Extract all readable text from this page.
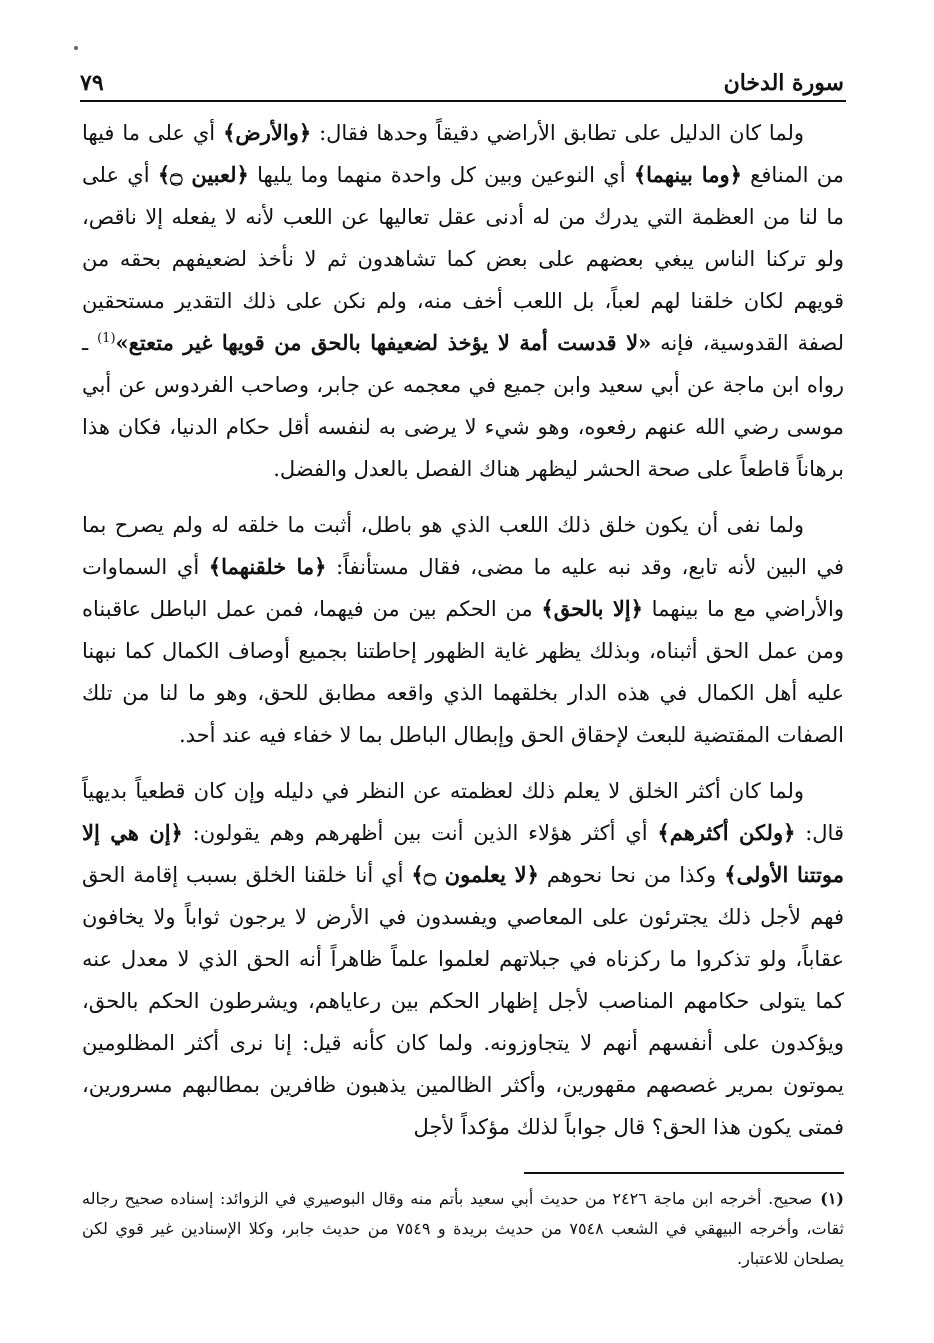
سورة الدخان
٧٩

ولما كان الدليل على تطابق الأراضي دقيقاً وحدها فقال: ﴿والأرض﴾ أي على ما فيها من المنافع ﴿وما بينهما﴾ أي النوعين وبين كل واحدة منهما وما يليها ﴿لعبين ۝﴾ أي على ما لنا من العظمة التي يدرك من له أدنى عقل تعاليها عن اللعب لأنه لا يفعله إلا ناقص، ولو تركنا الناس يبغي بعضهم على بعض كما تشاهدون ثم لا نأخذ لضعيفهم بحقه من قويهم لكان خلقنا لهم لعباً، بل اللعب أخف منه، ولم نكن على ذلك التقدير مستحقين لصفة القدوسية، فإنه «لا قدست أمة لا يؤخذ لضعيفها بالحق من قويها غير متعتع»$^{(1)}$ ـ رواه ابن ماجة عن أبي سعيد وابن جميع في معجمه عن جابر، وصاحب الفردوس عن أبي موسى رضي الله عنهم رفعوه، وهو شيء لا يرضى به لنفسه أقل حكام الدنيا، فكان هذا برهاناً قاطعاً على صحة الحشر ليظهر هناك الفصل بالعدل والفضل.

ولما نفى أن يكون خلق ذلك اللعب الذي هو باطل، أثبت ما خلقه له ولم يصرح بما في البين لأنه تابع، وقد نبه عليه ما مضى، فقال مستأنفاً: ﴿ما خلقنهما﴾ أي السماوات والأراضي مع ما بينهما ﴿إلا بالحق﴾ من الحكم بين من فيهما، فمن عمل الباطل عاقبناه ومن عمل الحق أثبناه، وبذلك يظهر غاية الظهور إحاطتنا بجميع أوصاف الكمال كما نبهنا عليه أهل الكمال في هذه الدار بخلقهما الذي واقعه مطابق للحق، وهو ما لنا من تلك الصفات المقتضية للبعث لإحقاق الحق وإبطال الباطل بما لا خفاء فيه عند أحد.

ولما كان أكثر الخلق لا يعلم ذلك لعظمته عن النظر في دليله وإن كان قطعياً بديهياً قال: ﴿ولكن أكثرهم﴾ أي أكثر هؤلاء الذين أنت بين أظهرهم وهم يقولون: ﴿إن هي إلا موتتنا الأولى﴾ وكذا من نحا نحوهم ﴿لا يعلمون ۝﴾ أي أنا خلقنا الخلق بسبب إقامة الحق فهم لأجل ذلك يجترئون على المعاصي ويفسدون في الأرض لا يرجون ثواباً ولا يخافون عقاباً، ولو تذكروا ما ركزناه في جبلاتهم لعلموا علماً ظاهراً أنه الحق الذي لا معدل عنه كما يتولى حكامهم المناصب لأجل إظهار الحكم بين رعاياهم، ويشرطون الحكم بالحق، ويؤكدون على أنفسهم أنهم لا يتجاوزونه. ولما كان كأنه قيل: إنا نرى أكثر المظلومين يموتون بمرير غصصهم مقهورين، وأكثر الظالمين يذهبون ظافرين بمطالبهم مسرورين، فمتى يكون هذا الحق؟ قال جواباً لذلك مؤكداً لأجل

(١)صحيح. أخرجه ابن ماجة ٢٤٢٦ من حديث أبي سعيد بأتم منه وقال البوصيري في الزوائد: إسناده صحيح رجاله ثقات، وأخرجه البيهقي في الشعب ٧٥٤٨ من حديث بريدة و ٧٥٤٩ من حديث جابر، وكلا الإسنادين غير قوي لكن يصلحان للاعتبار.
